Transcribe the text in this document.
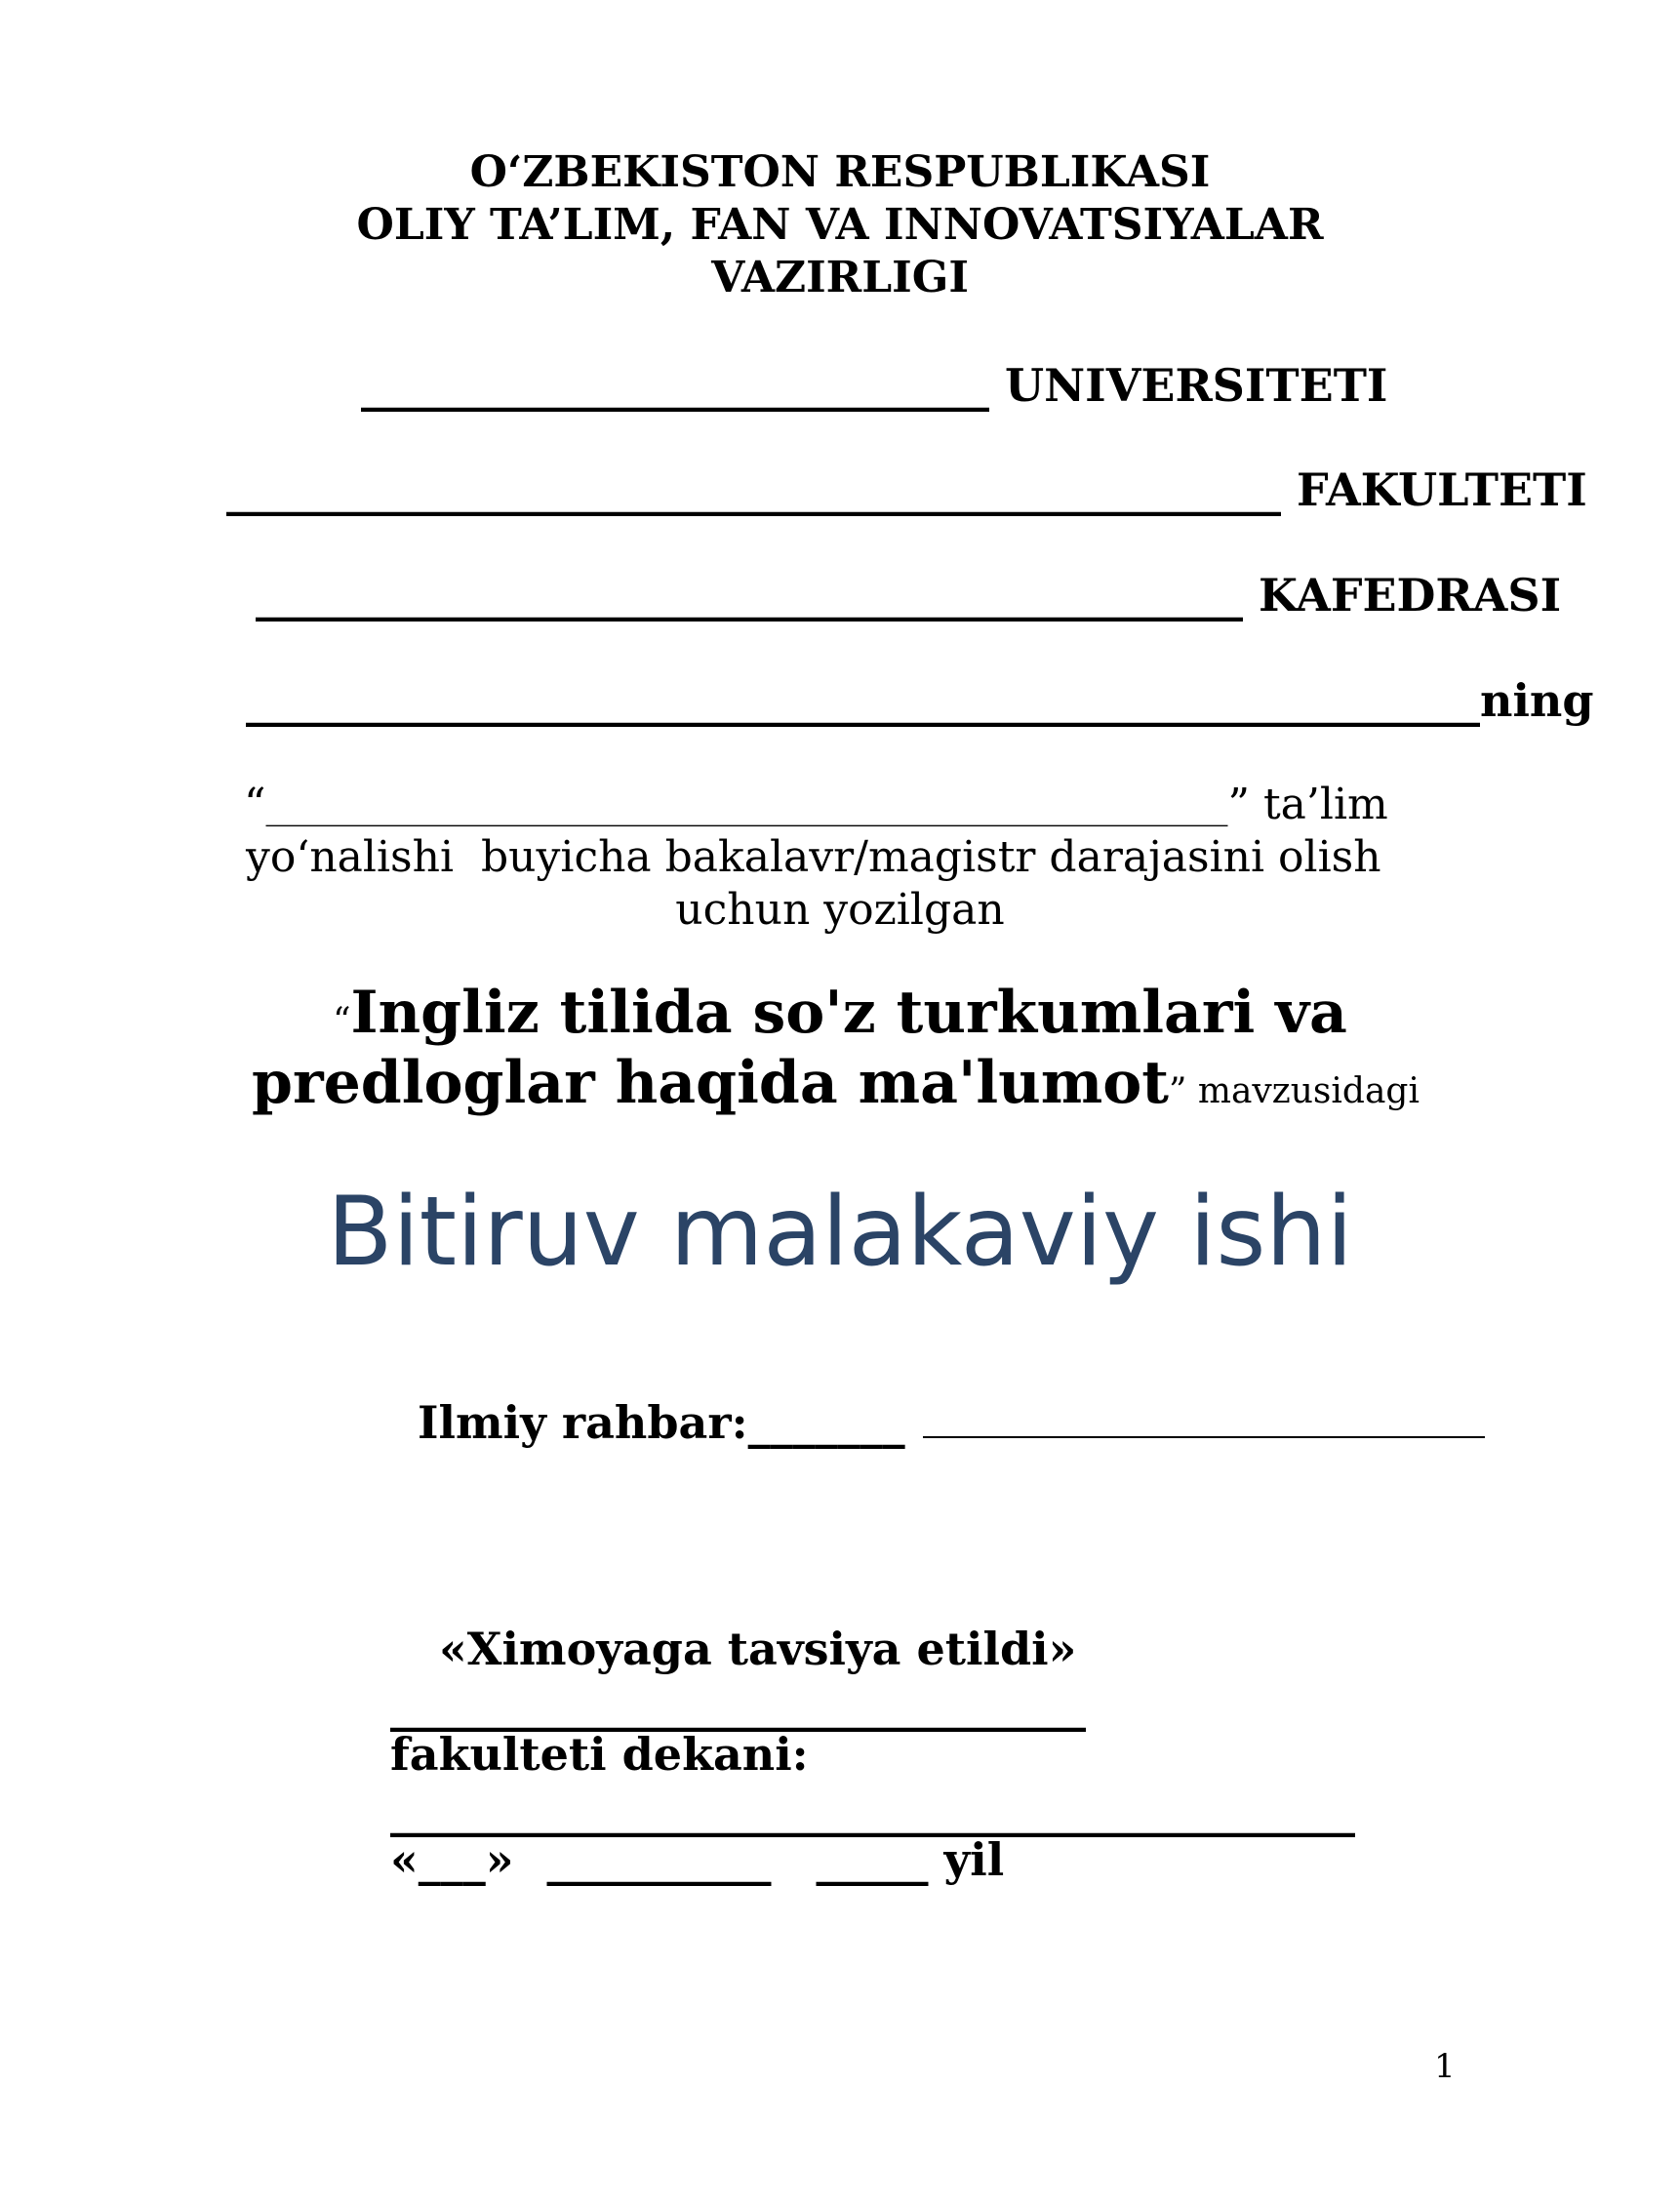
O‘ZBEKISTON RESPUBLIKASI
OLIY TA’LIM, FAN VA INNOVATSIYALAR
VAZIRLIGI
____________________________ UNIVERSITETI
_______________________________________________ FAKULTETI
____________________________________________ KAFEDRASI
_______________________________________________________ning
“__________________________________________________________” ta’lim
yo‘nalishi  buyicha bakalavr/magistr darajasini olish
uchun yozilgan
“Ingliz tilida so'z turkumlari va
predloglar haqida ma'lumot” mavzusidagi
Bitiruv malakaviy ishi
Ilmiy rahbar:_______
«Ximoyaga tavsiya etildi»
_______________________________
fakulteti dekani:
___________________________________________
«___» __________ _____ yil
1
